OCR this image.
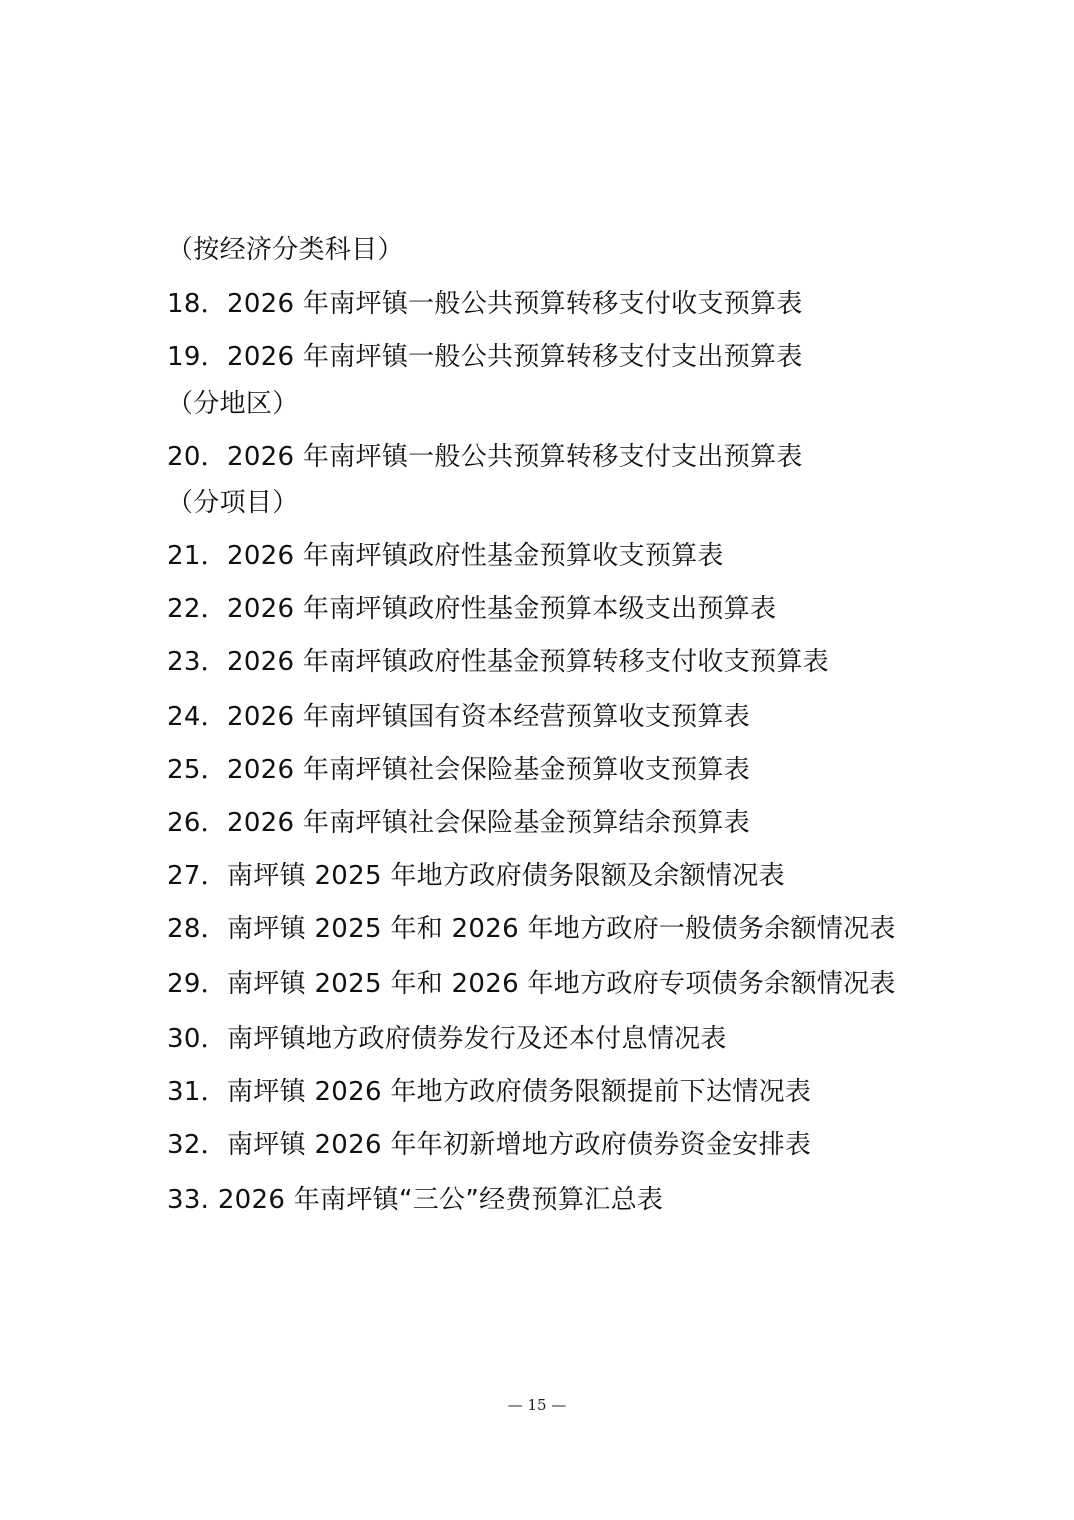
（按经济分类科目）
18．2026 年南坪镇一般公共预算转移支付收支预算表
19．2026 年南坪镇一般公共预算转移支付支出预算表
（分地区）
20．2026 年南坪镇一般公共预算转移支付支出预算表
（分项目）
21．2026 年南坪镇政府性基金预算收支预算表
22．2026 年南坪镇政府性基金预算本级支出预算表
23．2026 年南坪镇政府性基金预算转移支付收支预算表
24．2026 年南坪镇国有资本经营预算收支预算表
25．2026 年南坪镇社会保险基金预算收支预算表
26．2026 年南坪镇社会保险基金预算结余预算表
27．南坪镇 2025 年地方政府债务限额及余额情况表
28．南坪镇 2025 年和 2026 年地方政府一般债务余额情况表
29．南坪镇 2025 年和 2026 年地方政府专项债务余额情况表
30．南坪镇地方政府债券发行及还本付息情况表
31．南坪镇 2026 年地方政府债务限额提前下达情况表
32．南坪镇 2026 年年初新增地方政府债券资金安排表
33. 2026 年南坪镇“三公”经费预算汇总表
— 15 —
